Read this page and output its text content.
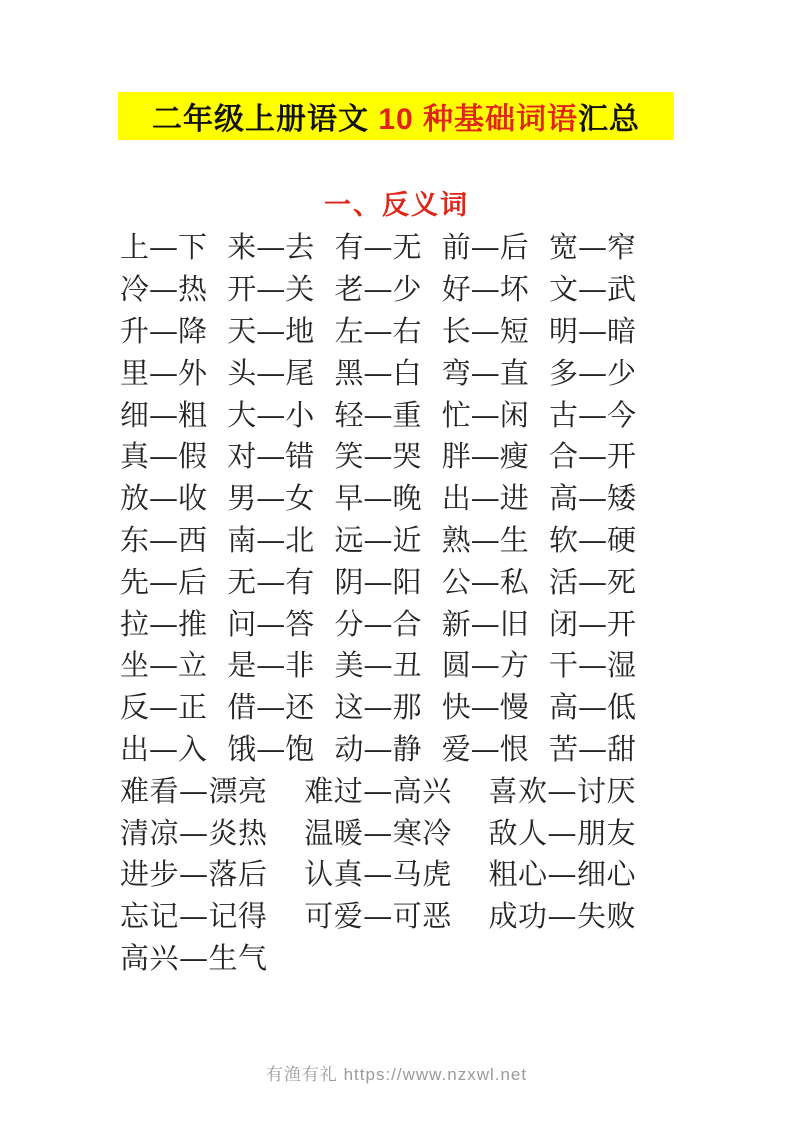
二年级上册语文 10 种基础词语 汇总
一、反义词
上—下 来—去 有—无 前—后 宽—窄
冷—热 开—关 老—少 好—坏 文—武
升—降 天—地 左—右 长—短 明—暗
里—外 头—尾 黑—白 弯—直 多—少
细—粗 大—小 轻—重 忙—闲 古—今
真—假 对—错 笑—哭 胖—瘦 合—开
放—收 男—女 早—晚 出—进 高—矮
东—西 南—北 远—近 熟—生 软—硬
先—后 无—有 阴—阳 公—私 活—死
拉—推 问—答 分—合 新—旧 闭—开
坐—立 是—非 美—丑 圆—方 干—湿
反—正 借—还 这—那 快—慢 高—低
出—入 饿—饱 动—静 爱—恨 苦—甜
难看—漂亮 难过—高兴 喜欢—讨厌
清凉—炎热 温暖—寒冷 敌人—朋友
进步—落后 认真—马虎 粗心—细心
忘记—记得 可爱—可恶 成功—失败
高兴—生气
有渔有礼 https://www.nzxwl.net
